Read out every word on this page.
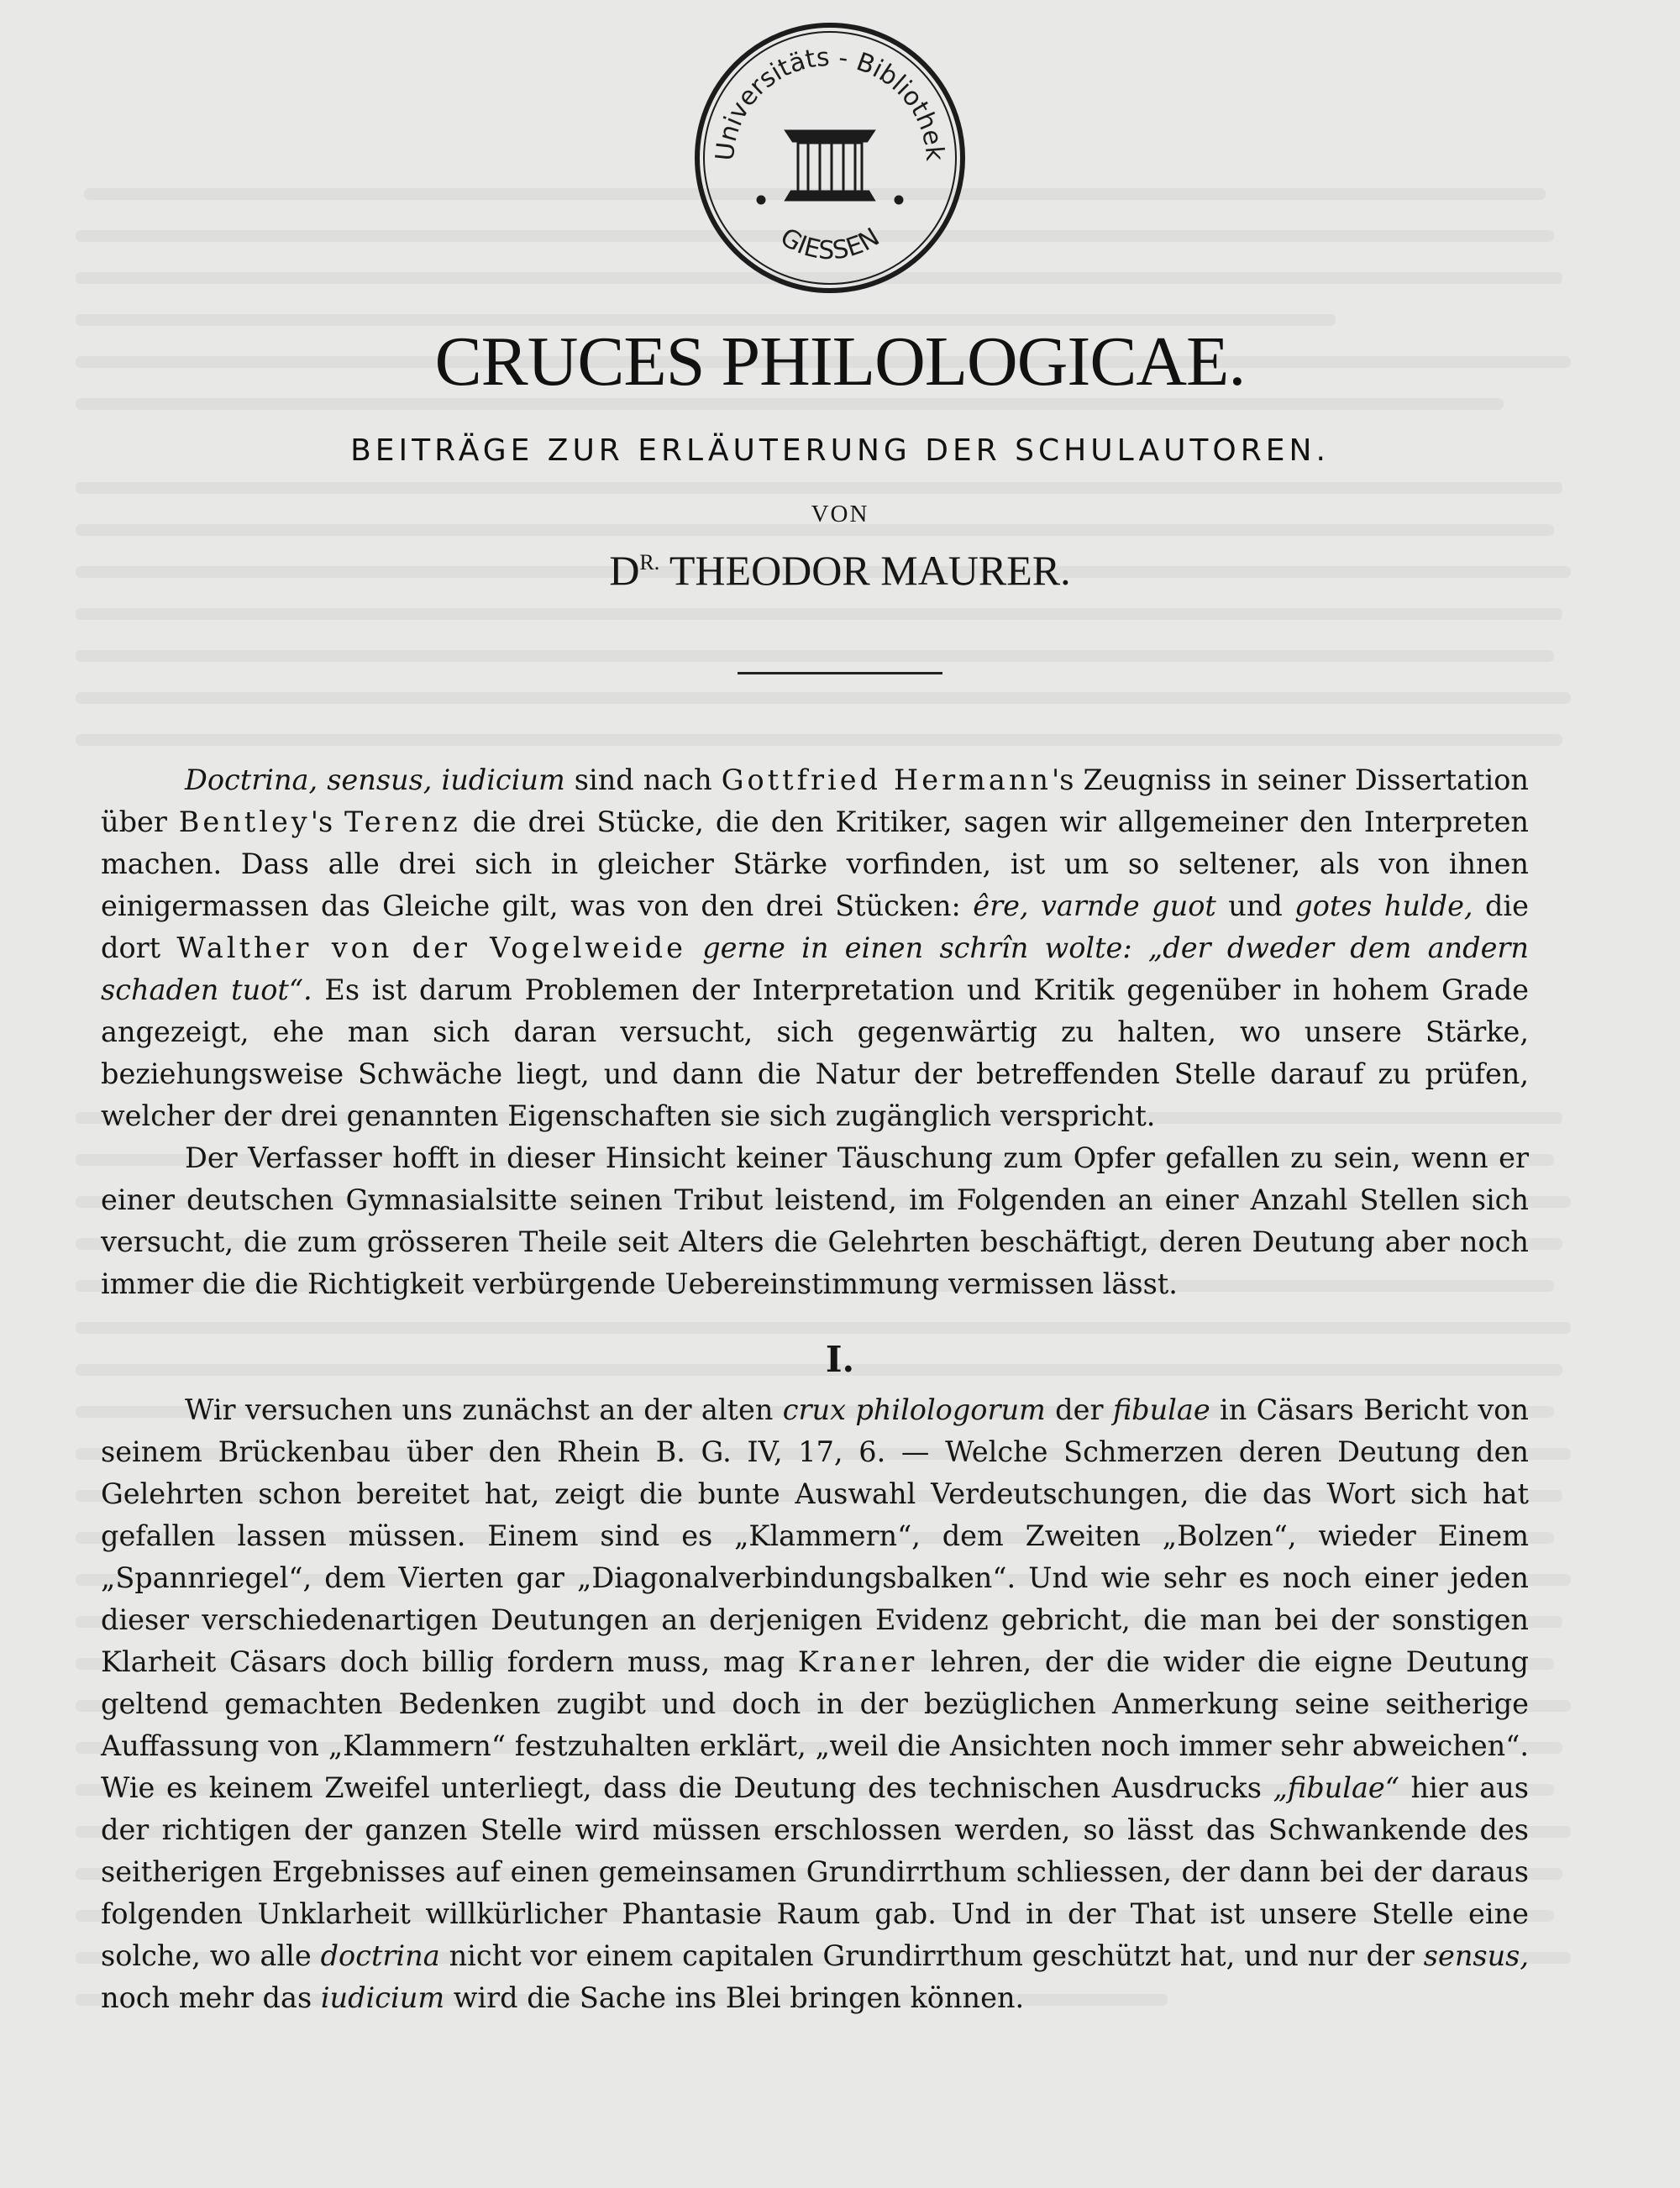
Universitäts - Bibliothek
GIESSEN
CRUCES PHILOLOGICAE.
BEITRÄGE ZUR ERLÄUTERUNG DER SCHULAUTOREN.
VON
$D^{R.}$ THEODOR MAURER.

Doctrina, sensus, iudicium sind nach Gottfried Hermann's Zeugniss in seiner Dissertation über Bentley's Terenz die drei Stücke, die den Kritiker, sagen wir allgemeiner den Interpreten machen. Dass alle drei sich in gleicher Stärke vorfinden, ist um so seltener, als von ihnen einigermassen das Gleiche gilt, was von den drei Stücken: êre, varnde guot und gotes hulde, die dort Walther von der Vogelweide gerne in einen schrîn wolte: „der dweder dem andern schaden tuot“. Es ist darum Problemen der Interpretation und Kritik gegenüber in hohem Grade angezeigt, ehe man sich daran versucht, sich gegenwärtig zu halten, wo unsere Stärke, beziehungsweise Schwäche liegt, und dann die Natur der betreffenden Stelle darauf zu prüfen, welcher der drei genannten Eigenschaften sie sich zugänglich verspricht.

Der Verfasser hofft in dieser Hinsicht keiner Täuschung zum Opfer gefallen zu sein, wenn er einer deutschen Gymnasialsitte seinen Tribut leistend, im Folgenden an einer Anzahl Stellen sich versucht, die zum grösseren Theile seit Alters die Gelehrten beschäftigt, deren Deutung aber noch immer die die Richtigkeit verbürgende Uebereinstimmung vermissen lässt.

I.

Wir versuchen uns zunächst an der alten crux philologorum der fibulae in Cäsars Bericht von seinem Brückenbau über den Rhein B. G. IV, 17, 6. — Welche Schmerzen deren Deutung den Gelehrten schon bereitet hat, zeigt die bunte Auswahl Verdeutschungen, die das Wort sich hat gefallen lassen müssen. Einem sind es „Klammern“, dem Zweiten „Bolzen“, wieder Einem „Spannriegel“, dem Vierten gar „Diagonalverbindungsbalken“. Und wie sehr es noch einer jeden dieser verschiedenartigen Deutungen an derjenigen Evidenz gebricht, die man bei der sonstigen Klarheit Cäsars doch billig fordern muss, mag Kraner lehren, der die wider die eigne Deutung geltend gemachten Bedenken zugibt und doch in der bezüglichen Anmerkung seine seitherige Auffassung von „Klammern“ festzuhalten erklärt, „weil die Ansichten noch immer sehr abweichen“. Wie es keinem Zweifel unterliegt, dass die Deutung des technischen Ausdrucks „fibulae“ hier aus der richtigen der ganzen Stelle wird müssen erschlossen werden, so lässt das Schwankende des seitherigen Ergebnisses auf einen gemeinsamen Grundirrthum schliessen, der dann bei der daraus folgenden Unklarheit willkürlicher Phantasie Raum gab. Und in der That ist unsere Stelle eine solche, wo alle doctrina nicht vor einem capitalen Grundirrthum geschützt hat, und nur der sensus, noch mehr das iudicium wird die Sache ins Blei bringen können.
